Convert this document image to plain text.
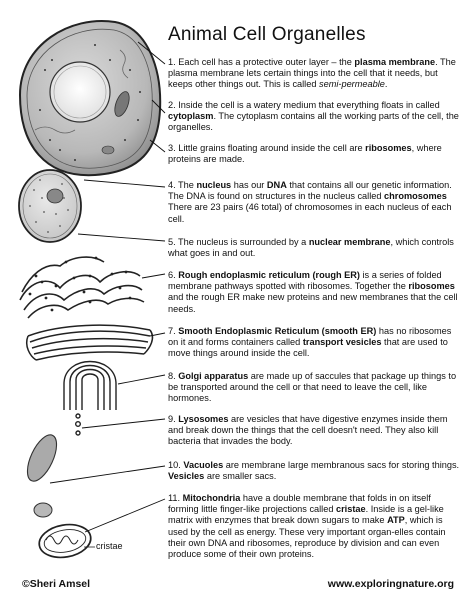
Animal Cell Organelles
1. Each cell has a protective outer layer – the plasma membrane. The plasma membrane lets certain things into the cell that it needs, but keeps other things out. This is called semi-permeable.
2. Inside the cell is a watery medium that everything floats in called cytoplasm. The cytoplasm contains all the working parts of the cell, the organelles.
3. Little grains floating around inside the cell are ribosomes, where proteins are made.
4. The nucleus has our DNA that contains all our genetic information. The DNA is found on structures in the nucleus called chromosomes There are 23 pairs (46 total) of chromosomes in each nucleus of each cell.
5. The nucleus is surrounded by a nuclear membrane, which controls what goes in and out.
6. Rough endoplasmic reticulum (rough ER) is a series of folded membrane pathways spotted with ribosomes. Together the ribosomes and the rough ER make new proteins and new membranes that the cell needs.
7. Smooth Endoplasmic Reticulum (smooth ER) has no ribosomes on it and forms containers called transport vesicles that are used to move things around inside the cell.
8. Golgi apparatus are made up of saccules that package up things to be transported around the cell or that need to leave the cell, like hormones.
9. Lysosomes are vesicles that have digestive enzymes inside them and break down the things that the cell doesn't need. They also kill bacteria that invades the body.
10. Vacuoles are membrane large membranous sacs for storing things. Vesicles are smaller sacs.
11. Mitochondria have a double membrane that folds in on itself forming little finger-like projections called cristae. Inside is a gel-like matrix with enzymes that break down sugars to make ATP, which is used by the cell as energy. These very important organ-elles contain their own DNA and ribosomes, reproduce by division and can even produce some of their own proteins.
cristae
©Sheri Amsel	www.exploringnature.org
